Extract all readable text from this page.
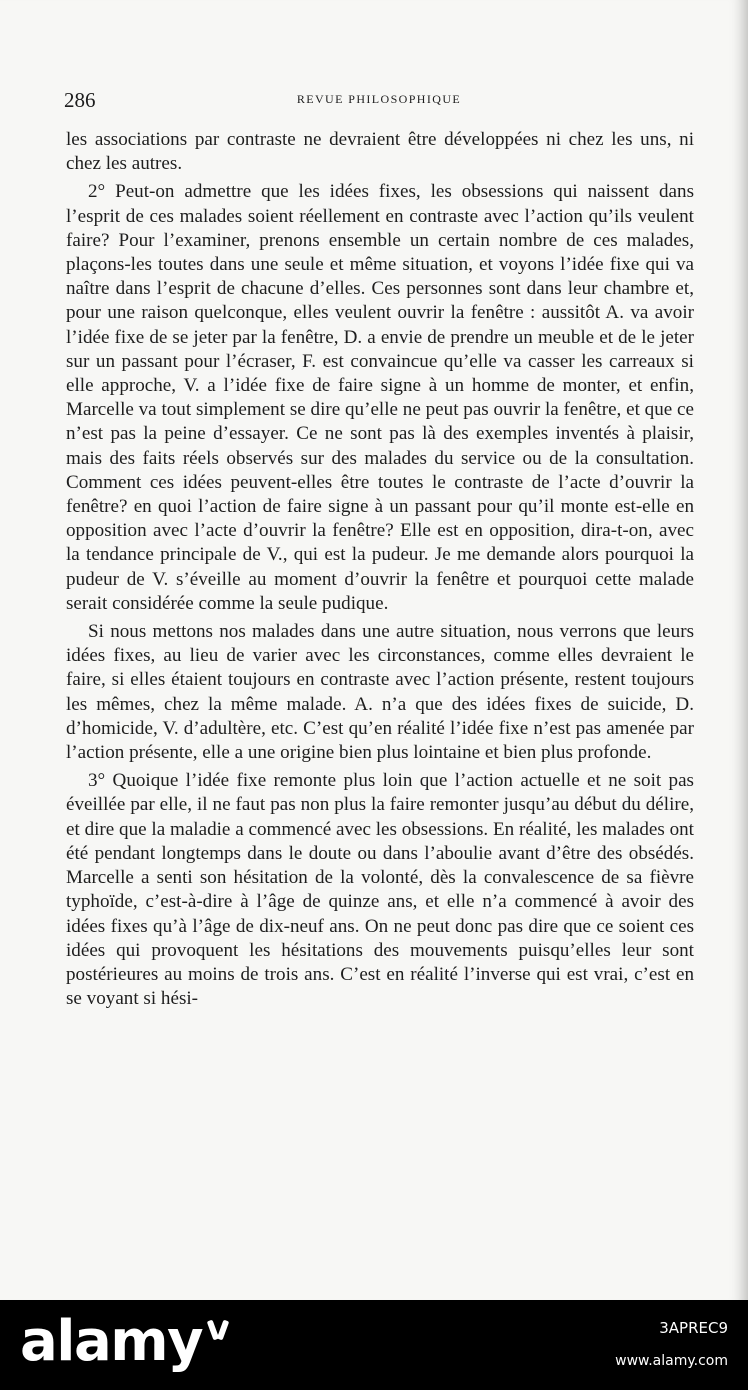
286	REVUE PHILOSOPHIQUE

les associations par contraste ne devraient être développées ni chez les uns, ni chez les autres.

2° Peut-on admettre que les idées fixes, les obsessions qui naissent dans l’esprit de ces malades soient réellement en contraste avec l’action qu’ils veulent faire? Pour l’examiner, prenons ensemble un certain nombre de ces malades, plaçons-les toutes dans une seule et même situation, et voyons l’idée fixe qui va naître dans l’esprit de chacune d’elles. Ces personnes sont dans leur chambre et, pour une raison quelconque, elles veulent ouvrir la fenêtre : aussitôt A. va avoir l’idée fixe de se jeter par la fenêtre, D. a envie de prendre un meuble et de le jeter sur un passant pour l’écraser, F. est convaincue qu’elle va casser les carreaux si elle approche, V. a l’idée fixe de faire signe à un homme de monter, et enfin, Marcelle va tout simplement se dire qu’elle ne peut pas ouvrir la fenêtre, et que ce n’est pas la peine d’essayer. Ce ne sont pas là des exemples inventés à plaisir, mais des faits réels observés sur des malades du service ou de la consultation. Comment ces idées peuvent-elles être toutes le contraste de l’acte d’ouvrir la fenêtre? en quoi l’action de faire signe à un passant pour qu’il monte est-elle en opposition avec l’acte d’ouvrir la fenêtre? Elle est en opposition, dira-t-on, avec la tendance principale de V., qui est la pudeur. Je me demande alors pourquoi la pudeur de V. s’éveille au moment d’ouvrir la fenêtre et pourquoi cette malade serait considérée comme la seule pudique.

Si nous mettons nos malades dans une autre situation, nous verrons que leurs idées fixes, au lieu de varier avec les circonstances, comme elles devraient le faire, si elles étaient toujours en contraste avec l’action présente, restent toujours les mêmes, chez la même malade. A. n’a que des idées fixes de suicide, D. d’homicide, V. d’adultère, etc. C’est qu’en réalité l’idée fixe n’est pas amenée par l’action présente, elle a une origine bien plus lointaine et bien plus profonde.

3° Quoique l’idée fixe remonte plus loin que l’action actuelle et ne soit pas éveillée par elle, il ne faut pas non plus la faire remonter jusqu’au début du délire, et dire que la maladie a commencé avec les obsessions. En réalité, les malades ont été pendant longtemps dans le doute ou dans l’aboulie avant d’être des obsédés. Marcelle a senti son hésitation de la volonté, dès la convalescence de sa fièvre typhoïde, c’est-à-dire à l’âge de quinze ans, et elle n’a commencé à avoir des idées fixes qu’à l’âge de dix-neuf ans. On ne peut donc pas dire que ce soient ces idées qui provoquent les hésitations des mouvements puisqu’elles leur sont postérieures au moins de trois ans. C’est en réalité l’inverse qui est vrai, c’est en se voyant si hési-

alamy	3APREC9
www.alamy.com
